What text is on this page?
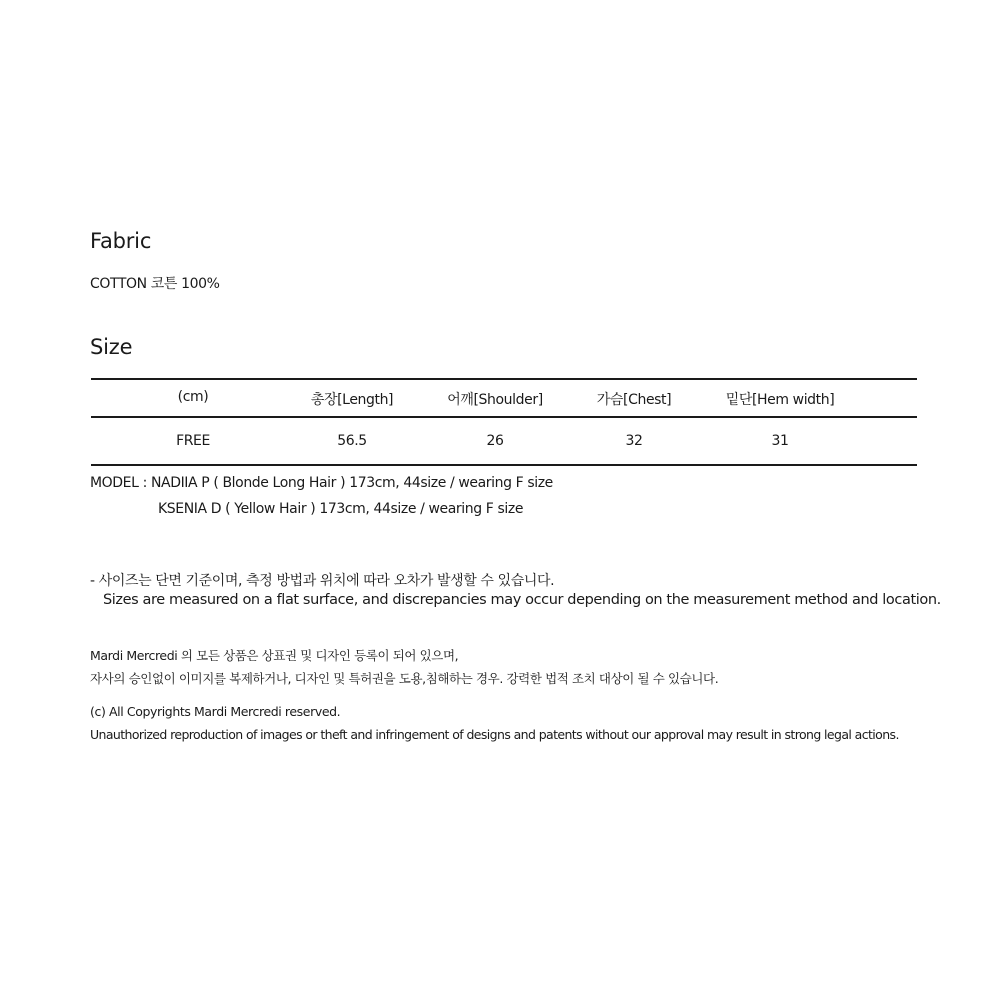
Fabric
COTTON 코튼 100%
Size
(cm)	총장[Length]	어깨[Shoulder]	가슴[Chest]	밑단[Hem width]
FREE	56.5	26	32	31
MODEL : NADIIA P ( Blonde Long Hair ) 173cm, 44size / wearing F size
KSENIA D ( Yellow Hair ) 173cm, 44size / wearing F size
- 사이즈는 단면 기준이며, 측정 방법과 위치에 따라 오차가 발생할 수 있습니다.
Sizes are measured on a flat surface, and discrepancies may occur depending on the measurement method and location.
Mardi Mercredi 의 모든 상품은 상표권 및 디자인 등록이 되어 있으며,
자사의 승인없이 이미지를 복제하거나, 디자인 및 특허권을 도용,침해하는 경우. 강력한 법적 조치 대상이 될 수 있습니다.
(c) All Copyrights Mardi Mercredi reserved.
Unauthorized reproduction of images or theft and infringement of designs and patents without our approval may result in strong legal actions.
